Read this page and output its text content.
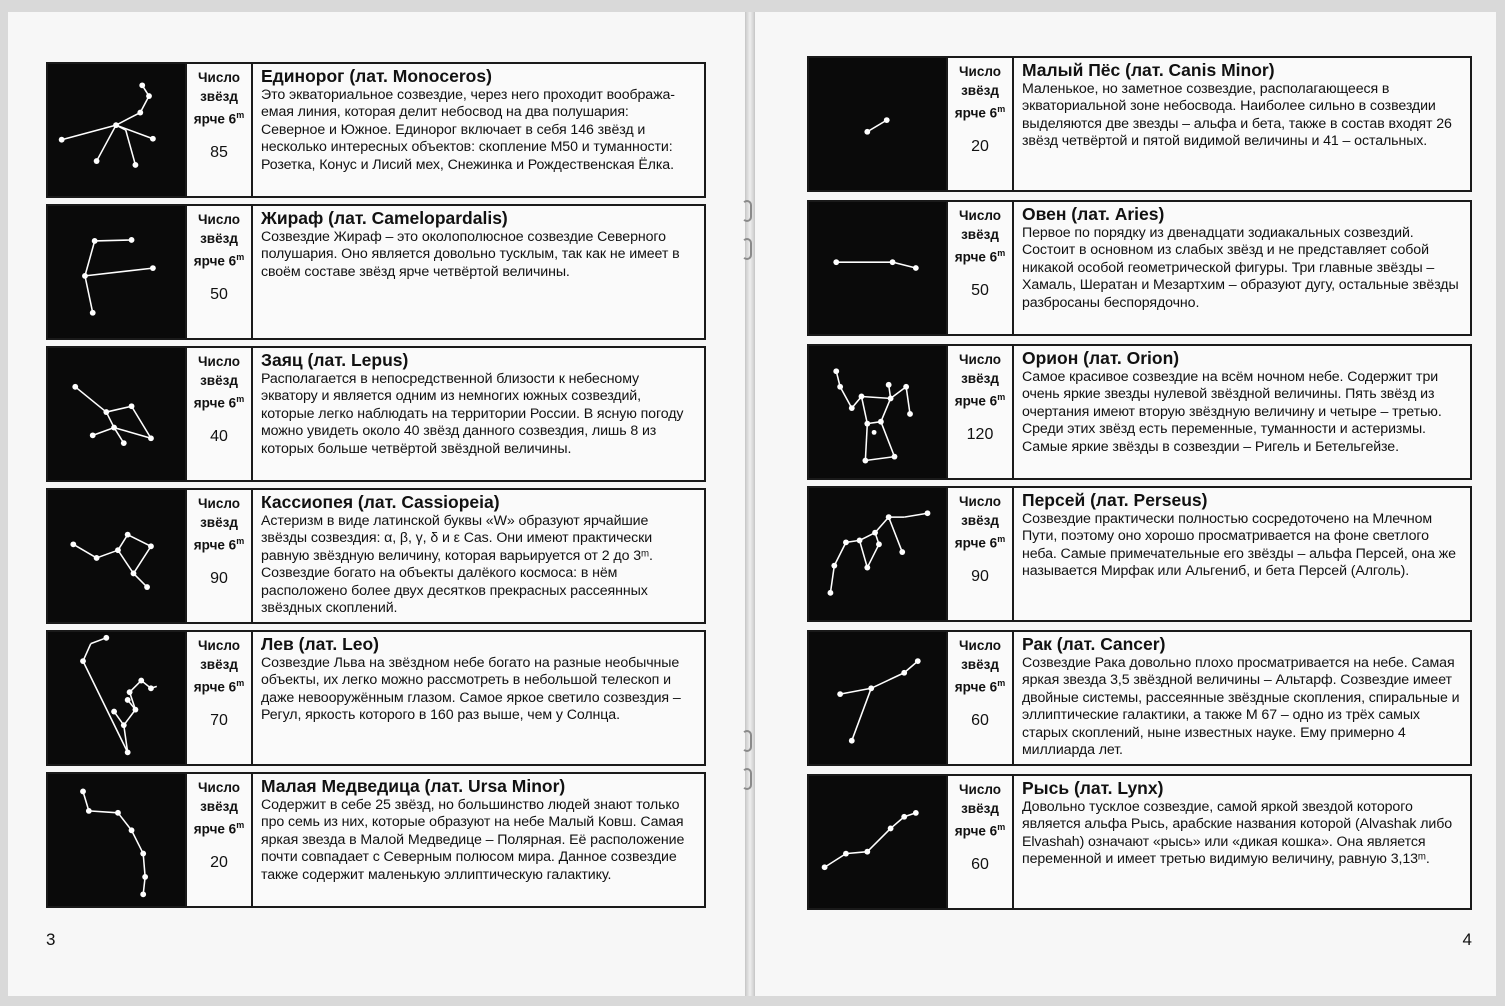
Число
звёзд
ярче 6$^m$
85
Единорог (лат. Monoceros)
Это экваториальное созвездие, через него проходит вообража-емая линия, которая делит небосвод на два полушария: Северное и Южное. Единорог включает в себя 146 звёзд и несколько интересных объектов: скопление M50 и туманности: Розетка, Конус и Лисий мех, Снежинка и Рождественская Ёлка.
Число
звёзд
ярче 6$^m$
50
Жираф (лат. Camelopardalis)
Созвездие Жираф – это околополюсное созвездие Северного полушария. Оно является довольно тусклым, так как не имеет в своём составе звёзд ярче четвёртой величины.
Число
звёзд
ярче 6$^m$
40
Заяц (лат. Lepus)
Располагается в непосредственной близости к небесному экватору и является одним из немногих южных созвездий, которые легко наблюдать на территории России. В ясную погоду можно увидеть около 40 звёзд данного созвездия, лишь 8 из которых больше четвёртой звёздной величины.
Число
звёзд
ярче 6$^m$
90
Кассиопея (лат. Cassiopeia)
Астеризм в виде латинской буквы «W» образуют ярчайшие звёзды созвездия: α, β, γ, δ и ε Cas. Они имеют практически равную звёздную величину, которая варьируется от 2 до 3ᵐ. Созвездие богато на объекты далёкого космоса: в нём расположено более двух десятков прекрасных рассеянных звёздных скоплений.
Число
звёзд
ярче 6$^m$
70
Лев (лат. Leo)
Созвездие Льва на звёздном небе богато на разные необычные объекты, их легко можно рассмотреть в небольшой телескоп и даже невооружённым глазом. Самое яркое светило созвездия – Регул, яркость которого в 160 раз выше, чем у Солнца.
Число
звёзд
ярче 6$^m$
20
Малая Медведица (лат. Ursa Minor)
Содержит в себе 25 звёзд, но большинство людей знают только про семь из них, которые образуют на небе Малый Ковш. Самая яркая звезда в Малой Медведице – Полярная. Её расположение почти совпадает с Северным полюсом мира. Данное созвездие также содержит маленькую эллиптическую галактику.
3
Число
звёзд
ярче 6$^m$
20
Малый Пёс (лат. Canis Minor)
Маленькое, но заметное созвездие, располагающееся в экваториальной зоне небосвода. Наиболее сильно в созвездии выделяются две звезды – альфа и бета, также в состав входят 26 звёзд четвёртой и пятой видимой величины и 41 – остальных.
Число
звёзд
ярче 6$^m$
50
Овен (лат. Aries)
Первое по порядку из двенадцати зодиакальных созвездий. Состоит в основном из слабых звёзд и не представляет собой никакой особой геометрической фигуры. Три главные звёзды – Хамаль, Шератан и Мезартхим – образуют дугу, остальные звёзды разбросаны беспорядочно.
Число
звёзд
ярче 6$^m$
120
Орион (лат. Orion)
Самое красивое созвездие на всём ночном небе. Содержит три очень яркие звезды нулевой звёздной величины. Пять звёзд из очертания имеют вторую звёздную величину и четыре – третью. Среди этих звёзд есть переменные, туманности и астеризмы. Самые яркие звёзды в созвездии – Ригель и Бетельгейзе.
Число
звёзд
ярче 6$^m$
90
Персей (лат. Perseus)
Созвездие практически полностью сосредоточено на Млечном Пути, поэтому оно хорошо просматривается на фоне светлого неба. Самые примечательные его звёзды – альфа Персей, она же называется Мирфак или Альгениб, и бета Персей (Алголь).
Число
звёзд
ярче 6$^m$
60
Рак (лат. Cancer)
Созвездие Рака довольно плохо просматривается на небе. Самая яркая звезда 3,5 звёздной величины – Альтарф. Созвездие имеет двойные системы, рассеянные звёздные скопления, спиральные и эллиптические галактики, а также M 67 – одно из трёх самых старых скоплений, ныне известных науке. Ему примерно 4 миллиарда лет.
Число
звёзд
ярче 6$^m$
60
Рысь (лат. Lynx)
Довольно тусклое созвездие, самой яркой звездой которого является альфа Рысь, арабские названия которой (Alvashak либо Elvashah) означают «рысь» или «дикая кошка». Она является переменной и имеет третью видимую величину, равную 3,13ᵐ.
4
